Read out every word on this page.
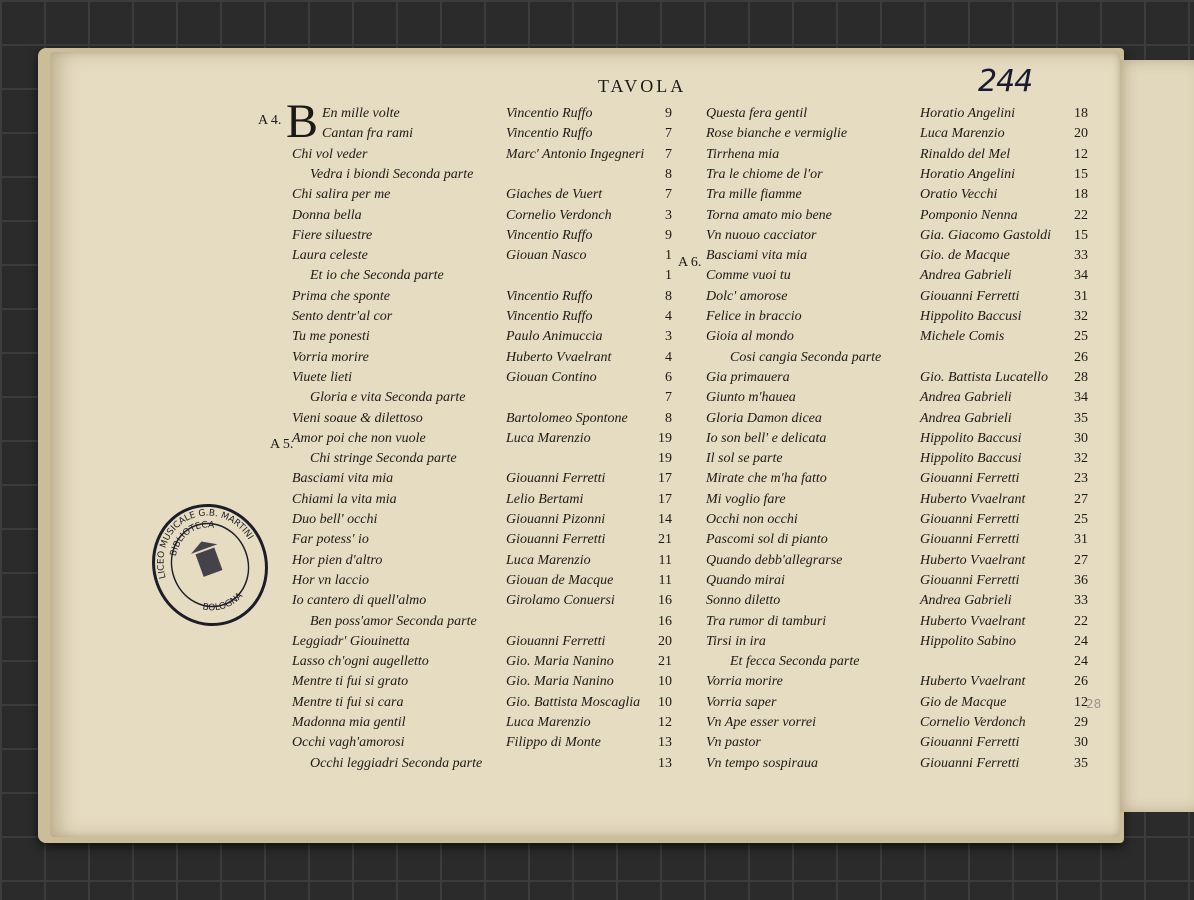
TAVOLA	244
A 4.
A 5.
A 6.
B En mille volte	Vincentio Ruffo	9
Cantan fra rami	Vincentio Ruffo	7
Chi vol veder	Marc' Antonio Ingegneri	7
Vedra i biondi Seconda parte	8
Chi salira per me	Giaches de Vuert	7
Donna bella	Cornelio Verdonch	3
Fiere siluestre	Vincentio Ruffo	9
Laura celeste	Giouan Nasco	1
Et io che Seconda parte	1
Prima che sponte	Vincentio Ruffo	8
Sento dentr'al cor	Vincentio Ruffo	4
Tu me ponesti	Paulo Animuccia	3
Vorria morire	Huberto Vvaelrant	4
Viuete lieti	Giouan Contino	6
Gloria e vita Seconda parte	7
Vieni soaue & dilettoso	Bartolomeo Spontone	8
Amor poi che non vuole	Luca Marenzio	19
Chi stringe Seconda parte	19
Basciami vita mia	Giouanni Ferretti	17
Chiami la vita mia	Lelio Bertami	17
Duo bell' occhi	Giouanni Pizonni	14
Far potess' io	Giouanni Ferretti	21
Hor pien d'altro	Luca Marenzio	11
Hor vn laccio	Giouan de Macque	11
Io cantero di quell'almo	Girolamo Conuersi	16
Ben poss'amor Seconda parte	16
Leggiadr' Giouinetta	Giouanni Ferretti	20
Lasso ch'ogni augelletto	Gio. Maria Nanino	21
Mentre ti fui si grato	Gio. Maria Nanino	10
Mentre ti fui si cara	Gio. Battista Moscaglia	10
Madonna mia gentil	Luca Marenzio	12
Occhi vagh'amorosi	Filippo di Monte	13
Occhi leggiadri Seconda parte	13
Questa fera gentil	Horatio Angelini	18
Rose bianche e vermiglie	Luca Marenzio	20
Tirrhena mia	Rinaldo del Mel	12
Tra le chiome de l'or	Horatio Angelini	15
Tra mille fiamme	Oratio Vecchi	18
Torna amato mio bene	Pomponio Nenna	22
Vn nuouo cacciator	Gia. Giacomo Gastoldi	15
Basciami vita mia	Gio. de Macque	33
Comme vuoi tu	Andrea Gabrieli	34
Dolc' amorose	Giouanni Ferretti	31
Felice in braccio	Hippolito Baccusi	32
Gioia al mondo	Michele Comis	25
Cosi cangia Seconda parte	26
Gia primauera	Gio. Battista Lucatello	28
Giunto m'hauea	Andrea Gabrieli	34
Gloria Damon dicea	Andrea Gabrieli	35
Io son bell' e delicata	Hippolito Baccusi	30
Il sol se parte	Hippolito Baccusi	32
Mirate che m'ha fatto	Giouanni Ferretti	23
Mi voglio fare	Huberto Vvaelrant	27
Occhi non occhi	Giouanni Ferretti	25
Pascomi sol di pianto	Giouanni Ferretti	31
Quando debb'allegrarse	Huberto Vvaelrant	27
Quando mirai	Giouanni Ferretti	36
Sonno diletto	Andrea Gabrieli	33
Tra rumor di tamburi	Huberto Vvaelrant	22
Tirsi in ira	Hippolito Sabino	24
Et fecca Seconda parte	24
Vorria morire	Huberto Vvaelrant	26
Vorria saper	Gio de Macque	12
Vn Ape esser vorrei	Cornelio Verdonch	29
Vn pastor	Giouanni Ferretti	30
Vn tempo sospiraua	Giouanni Ferretti	35
LICEO MUSICALE G.B. MARTINI
BIBLIOTECA
BOLOGNA
28
